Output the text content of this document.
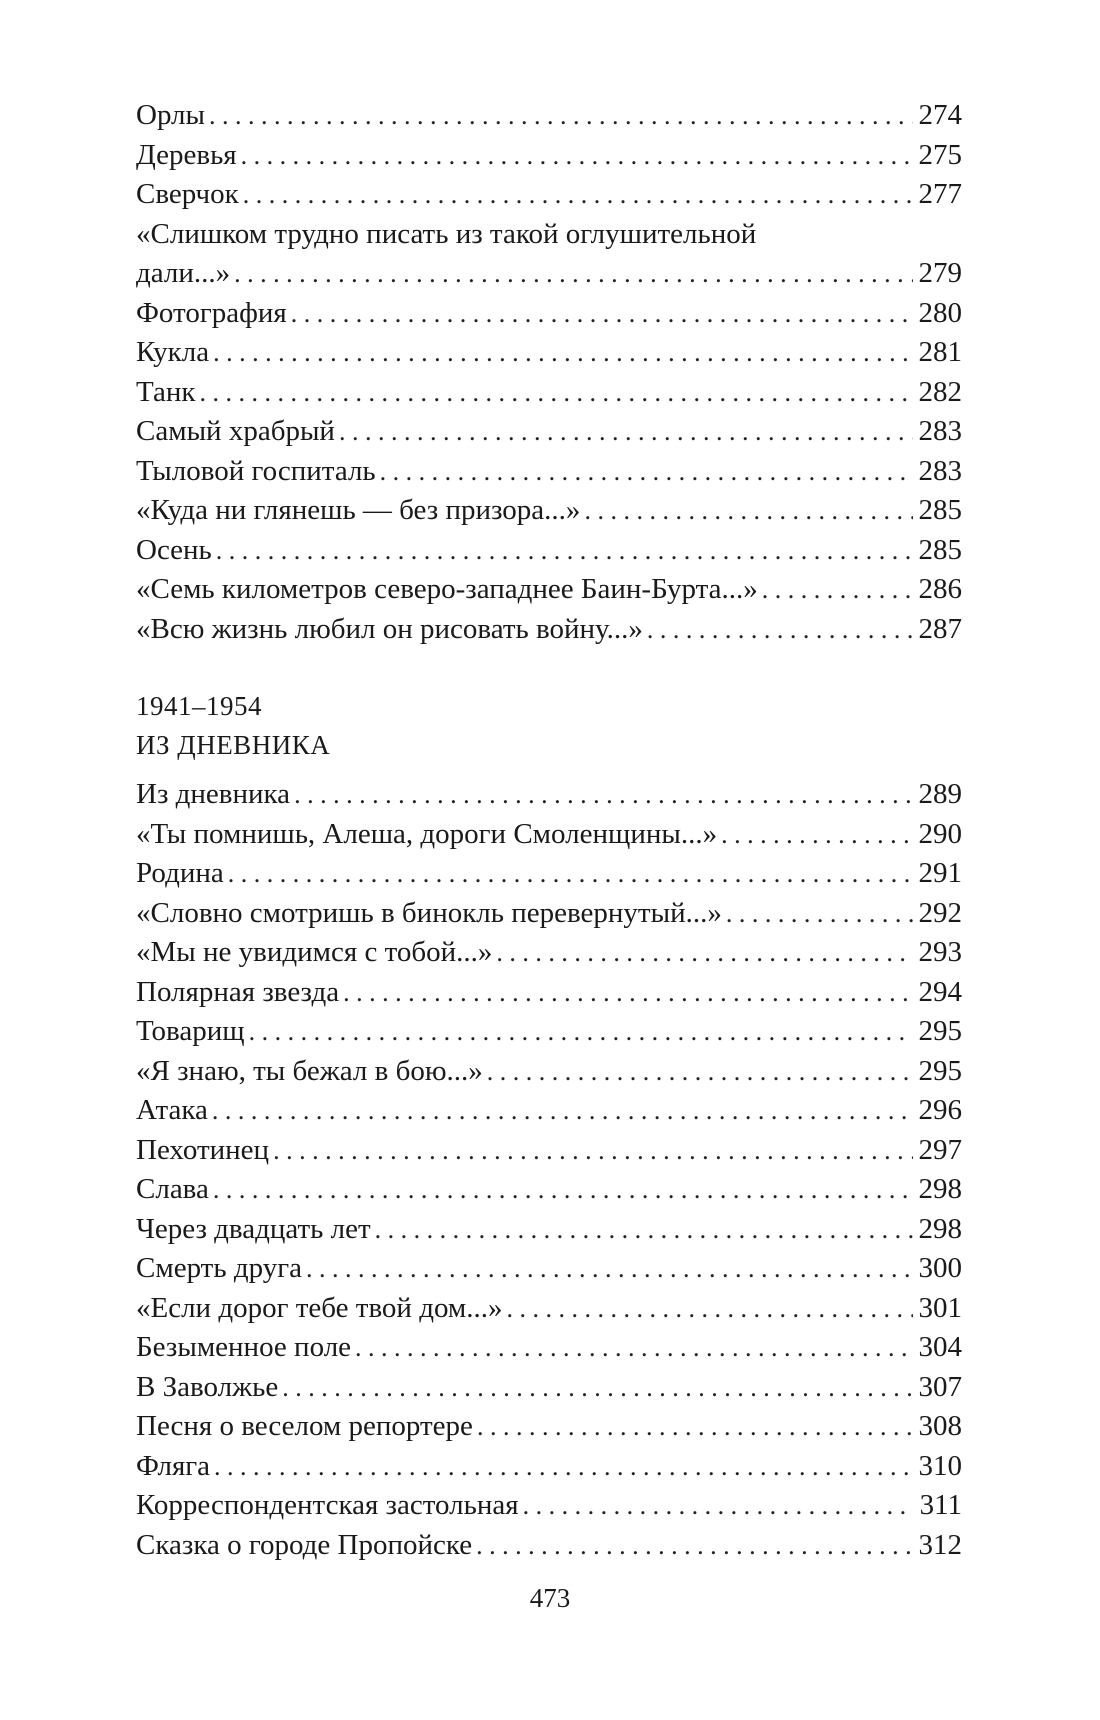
Орлы . . .	274
Деревья . . .	275
Сверчок . . .	277
«Слишком трудно писать из такой оглушительной
дали...» . . .	279
Фотография . . .	280
Кукла . . .	281
Танк . . .	282
Самый храбрый . . .	283
Тыловой госпиталь . . .	283
«Куда ни глянешь — без призора...» . . .	285
Осень . . .	285
«Семь километров северо-западнее Баин-Бурта...» . . .	286
«Всю жизнь любил он рисовать войну...» . . .	287
1941–1954
ИЗ ДНЕВНИКА
Из дневника . . .	289
«Ты помнишь, Алеша, дороги Смоленщины...» . . .	290
Родина . . .	291
«Словно смотришь в бинокль перевернутый...» . . .	292
«Мы не увидимся с тобой...» . . .	293
Полярная звезда . . .	294
Товарищ . . .	295
«Я знаю, ты бежал в бою...» . . .	295
Атака . . .	296
Пехотинец . . .	297
Слава . . .	298
Через двадцать лет . . .	298
Смерть друга . . .	300
«Если дорог тебе твой дом...» . . .	301
Безыменное поле . . .	304
В Заволжье . . .	307
Песня о веселом репортере . . .	308
Фляга . . .	310
Корреспондентская застольная . . .	311
Сказка о городе Пропойске . . .	312
473
